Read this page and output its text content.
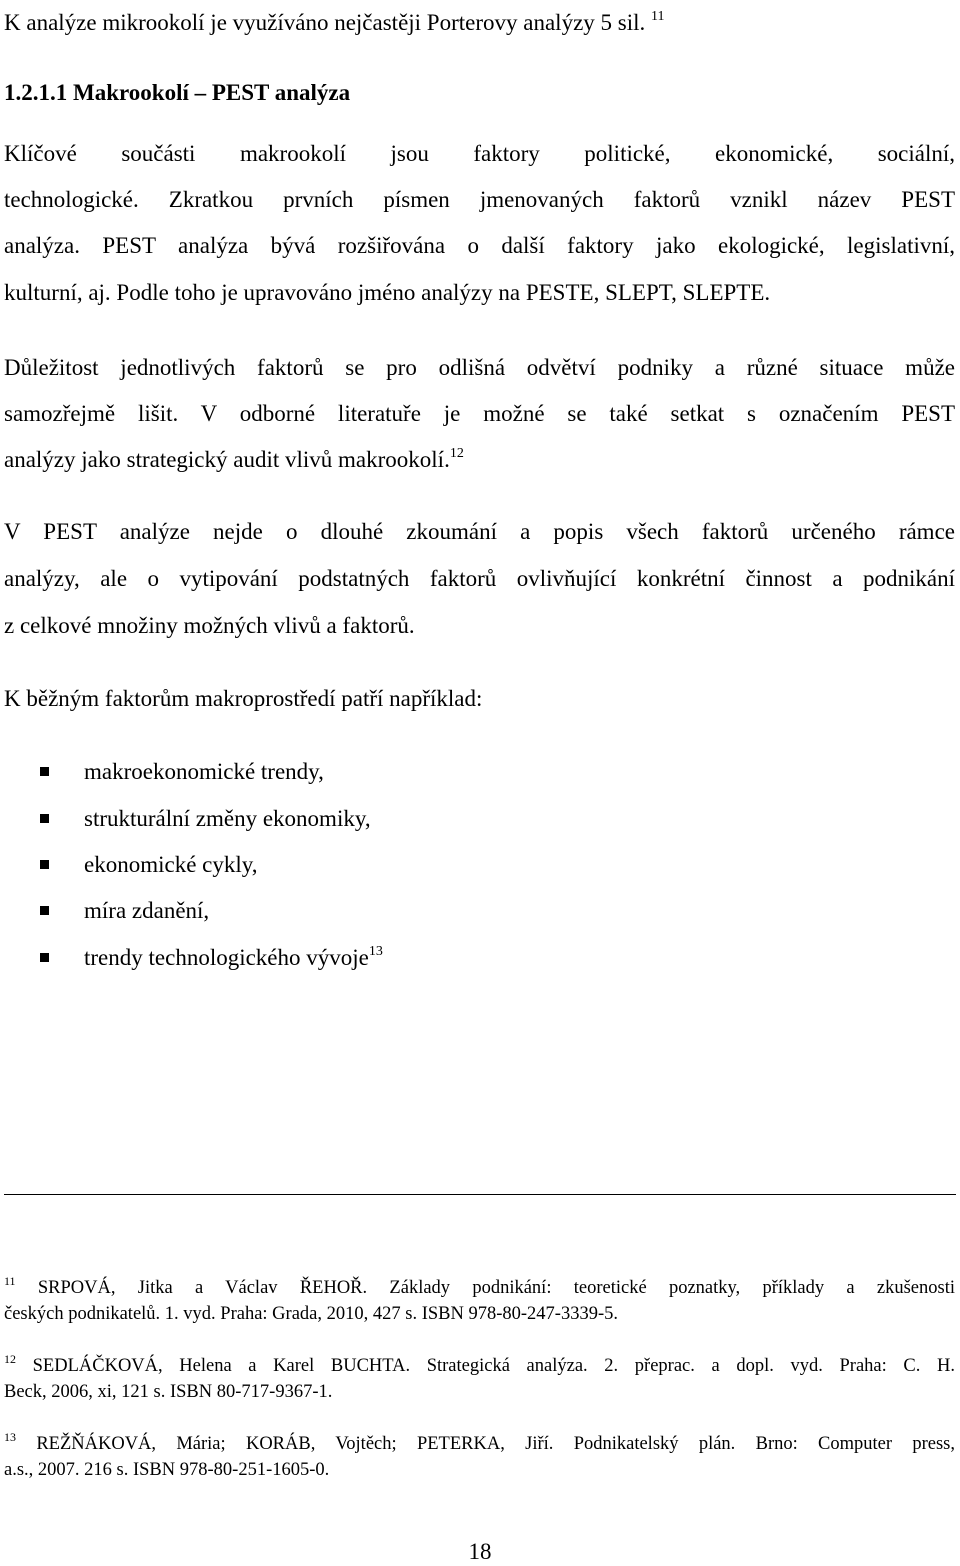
K analýze mikrookolí je využíváno nejčastěji Porterovy analýzy 5 sil. $^{11}$
1.2.1.1 Makrookolí – PEST analýza
Klíčové součásti makrookolí jsou faktory politické, ekonomické, sociální,
technologické. Zkratkou prvních písmen jmenovaných faktorů vznikl název PEST
analýza. PEST analýza bývá rozšiřována o další faktory jako ekologické, legislativní,
kulturní, aj. Podle toho je upravováno jméno analýzy na PESTE, SLEPT, SLEPTE.
Důležitost jednotlivých faktorů se pro odlišná odvětví podniky a různé situace může
samozřejmě lišit. V odborné literatuře je možné se také setkat s označením PEST
analýzy jako strategický audit vlivů makrookolí.$^{12}$
V PEST analýze nejde o dlouhé zkoumání a popis všech faktorů určeného rámce
analýzy, ale o vytipování podstatných faktorů ovlivňující konkrétní činnost a podnikání
z celkové množiny možných vlivů a faktorů.
K běžným faktorům makroprostředí patří například:
makroekonomické trendy,
strukturální změny ekonomiky,
ekonomické cykly,
míra zdanění,
trendy technologického vývoje$^{13}$
$^{11}$ SRPOVÁ, Jitka a Václav ŘEHOŘ. Základy podnikání: teoretické poznatky, příklady a zkušenosti
českých podnikatelů. 1. vyd. Praha: Grada, 2010, 427 s. ISBN 978-80-247-3339-5.
$^{12}$ SEDLÁČKOVÁ, Helena a Karel BUCHTA. Strategická analýza. 2. přeprac. a dopl. vyd. Praha: C. H.
Beck, 2006, xi, 121 s. ISBN 80-717-9367-1.
$^{13}$ REŽŇÁKOVÁ, Mária; KORÁB, Vojtěch; PETERKA, Jiří. Podnikatelský plán. Brno: Computer press,
a.s., 2007. 216 s. ISBN 978-80-251-1605-0.
18
